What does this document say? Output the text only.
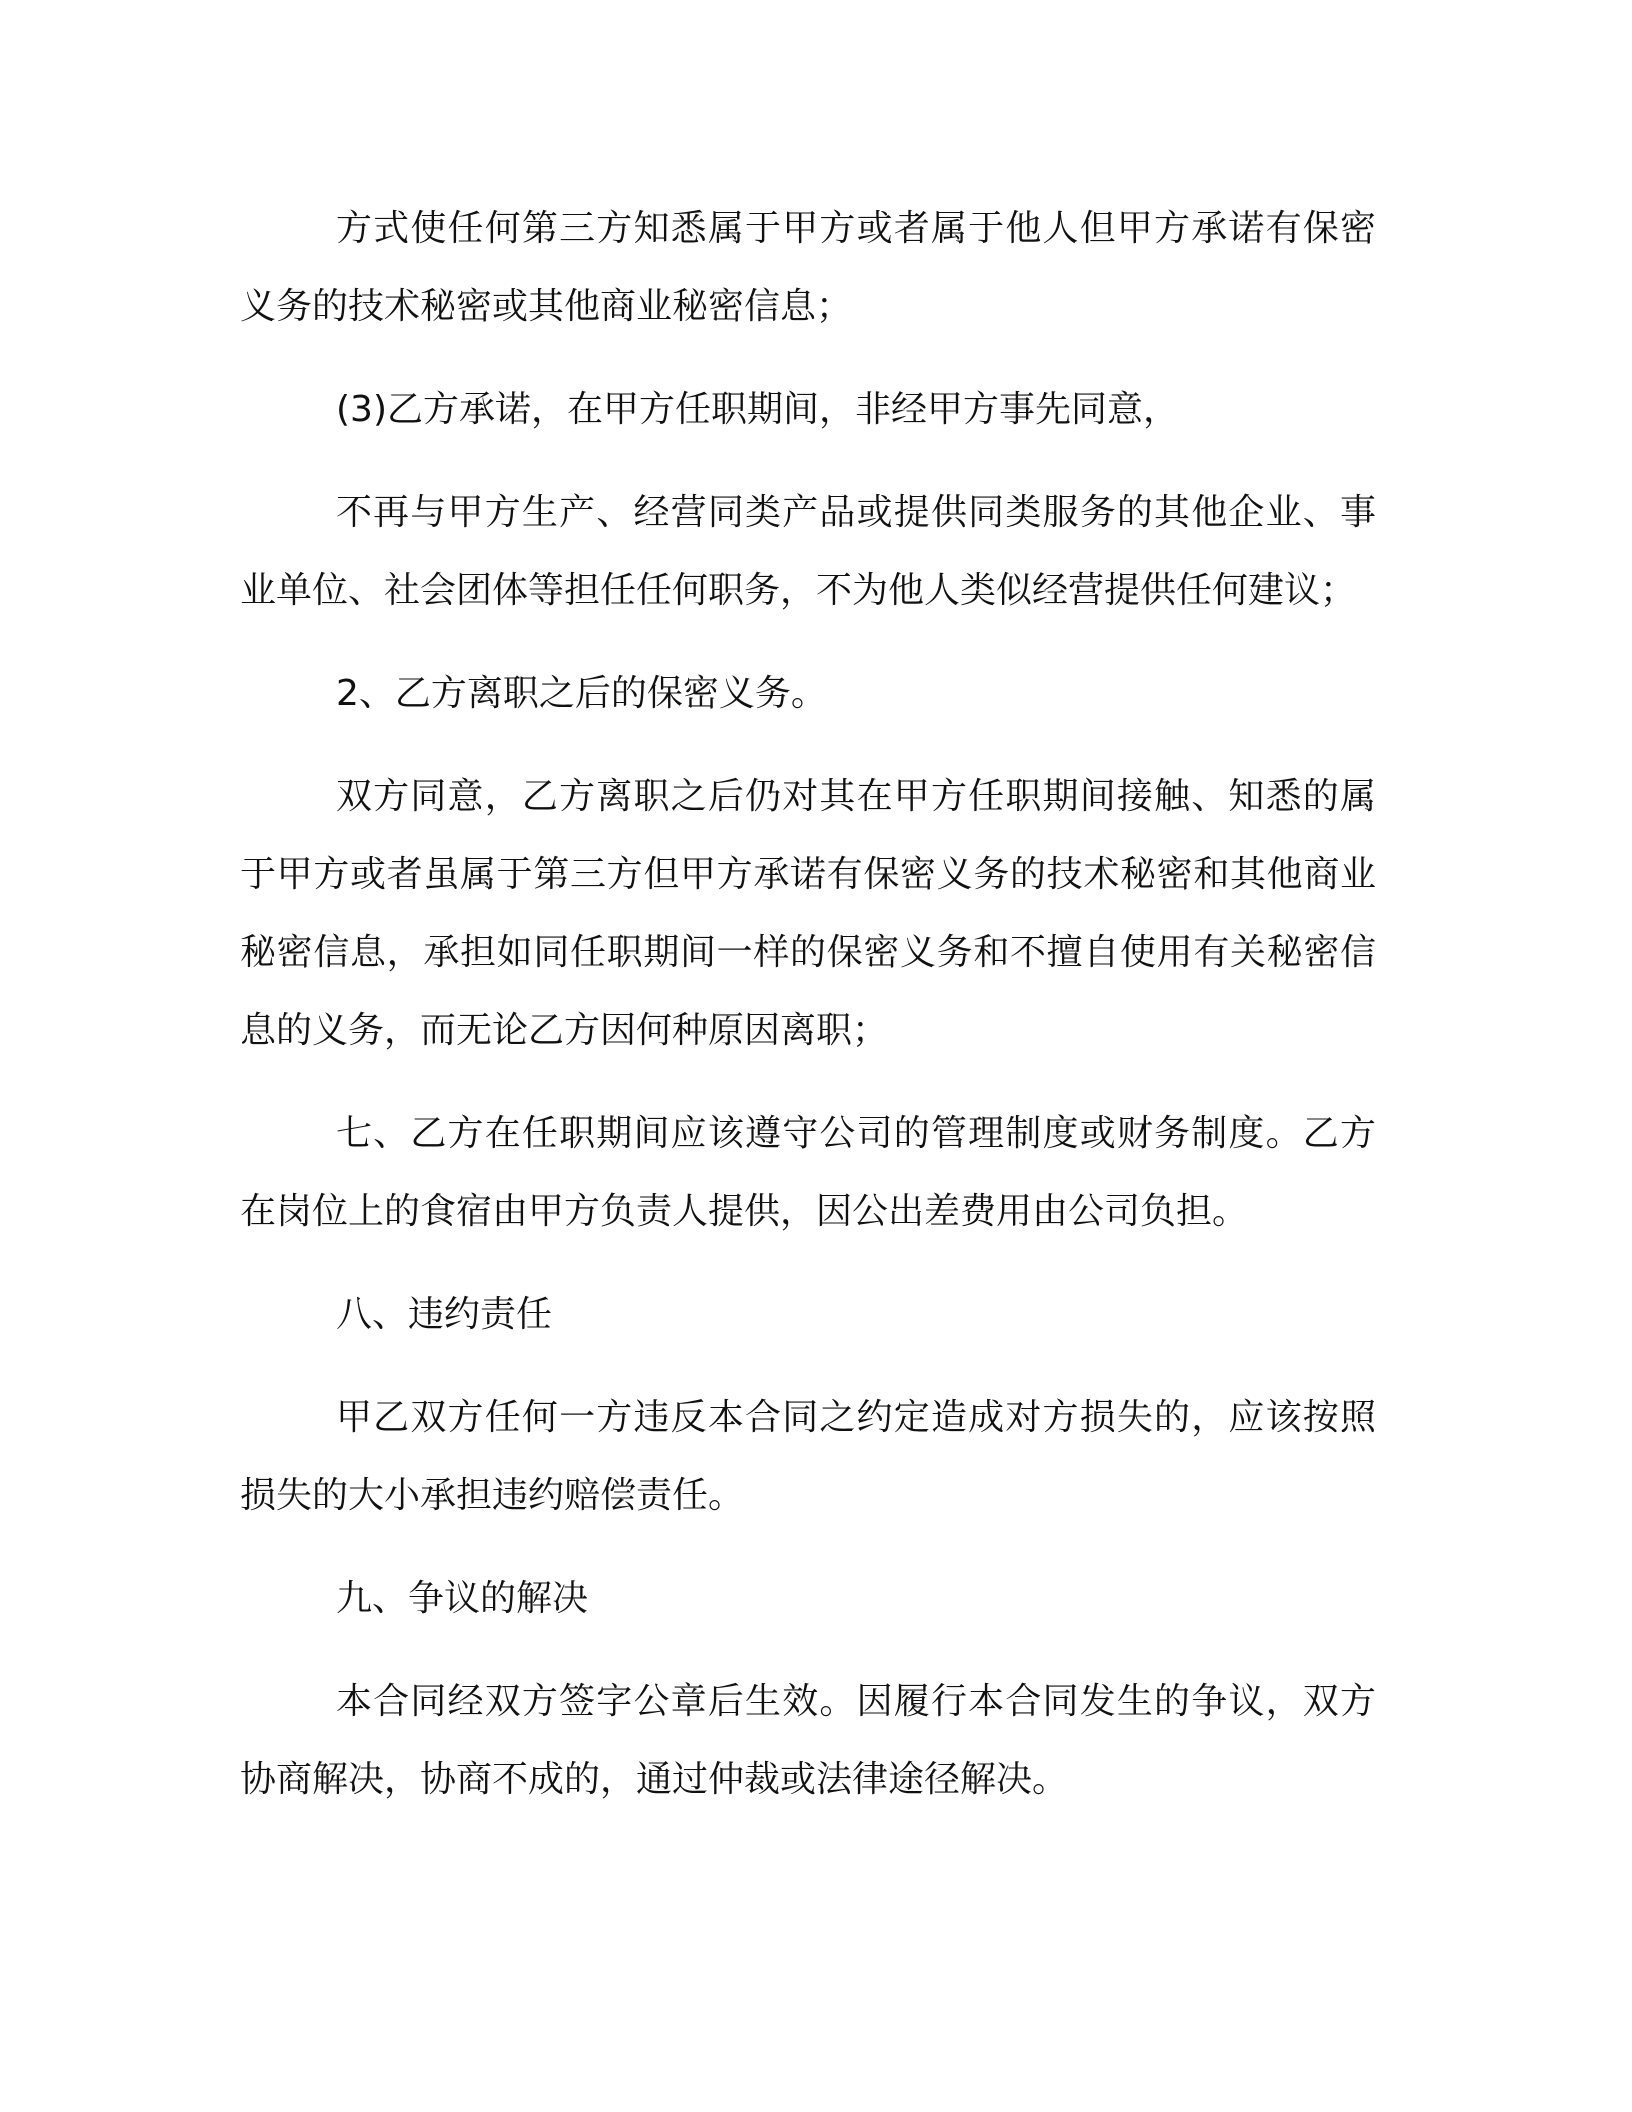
方式使任何第三方知悉属于甲方或者属于他人但甲方承诺有保密义务的技术秘密或其他商业秘密信息；

(3)乙方承诺，在甲方任职期间，非经甲方事先同意，

不再与甲方生产、经营同类产品或提供同类服务的其他企业、事业单位、社会团体等担任任何职务，不为他人类似经营提供任何建议；

2、乙方离职之后的保密义务。

双方同意，乙方离职之后仍对其在甲方任职期间接触、知悉的属于甲方或者虽属于第三方但甲方承诺有保密义务的技术秘密和其他商业秘密信息，承担如同任职期间一样的保密义务和不擅自使用有关秘密信息的义务，而无论乙方因何种原因离职；

七、乙方在任职期间应该遵守公司的管理制度或财务制度。乙方在岗位上的食宿由甲方负责人提供，因公出差费用由公司负担。

八、违约责任

甲乙双方任何一方违反本合同之约定造成对方损失的，应该按照损失的大小承担违约赔偿责任。

九、争议的解决

本合同经双方签字公章后生效。因履行本合同发生的争议，双方协商解决，协商不成的，通过仲裁或法律途径解决。
